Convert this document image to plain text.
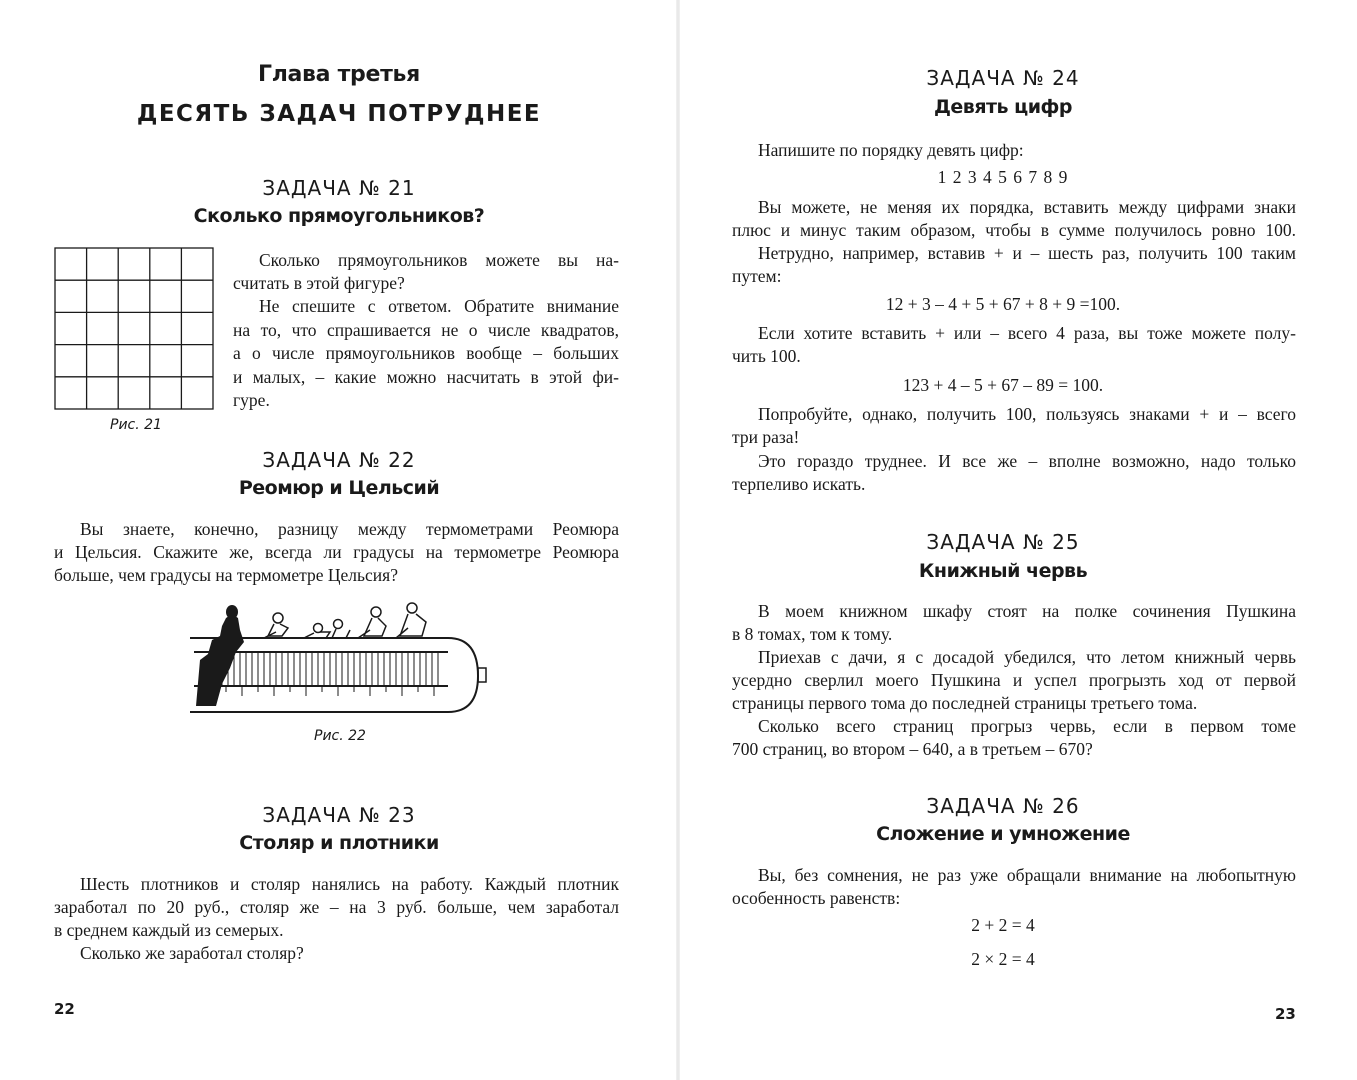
Глава третья
ДЕСЯТЬ ЗАДАЧ ПОТРУДНЕЕ
ЗАДАЧА № 21
Сколько прямоугольников?
Рис. 21
Сколько прямоугольников можете вы на-
считать в этой фигуре?
Не спешите с ответом. Обратите внимание
на то, что спрашивается не о числе квадратов,
а о числе прямоугольников вообще – больших
и малых, – какие можно насчитать в этой фи-
гуре.
ЗАДАЧА № 22
Реомюр и Цельсий
Вы знаете, конечно, разницу между термометрами Реомюра
и Цельсия. Скажите же, всегда ли градусы на термометре Реомюра
больше, чем градусы на термометре Цельсия?
Рис. 22
ЗАДАЧА № 23
Столяр и плотники
Шесть плотников и столяр нанялись на работу. Каждый плотник
заработал по 20 руб., столяр же – на 3 руб. больше, чем заработал
в среднем каждый из семерых.
Сколько же заработал столяр?
22
ЗАДАЧА № 24
Девять цифр
Напишите по порядку девять цифр:
1 2 3 4 5 6 7 8 9
Вы можете, не меняя их порядка, вставить между цифрами знаки
плюс и минус таким образом, чтобы в сумме получилось ровно 100.
Нетрудно, например, вставив + и – шесть раз, получить 100 таким
путем:
12 + 3 – 4 + 5 + 67 + 8 + 9 =100.
Если хотите вставить + или – всего 4 раза, вы тоже можете полу-
чить 100.
123 + 4 – 5 + 67 – 89 = 100.
Попробуйте, однако, получить 100, пользуясь знаками + и – всего
три раза!
Это гораздо труднее. И все же – вполне возможно, надо только
терпеливо искать.
ЗАДАЧА № 25
Книжный червь
В моем книжном шкафу стоят на полке сочинения Пушкина
в 8 томах, том к тому.
Приехав с дачи, я с досадой убедился, что летом книжный червь
усердно сверлил моего Пушкина и успел прогрызть ход от первой
страницы первого тома до последней страницы третьего тома.
Сколько всего страниц прогрыз червь, если в первом томе
700 страниц, во втором – 640, а в третьем – 670?
ЗАДАЧА № 26
Сложение и умножение
Вы, без сомнения, не раз уже обращали внимание на любопытную
особенность равенств:
2 + 2 = 4
2 × 2 = 4
23
